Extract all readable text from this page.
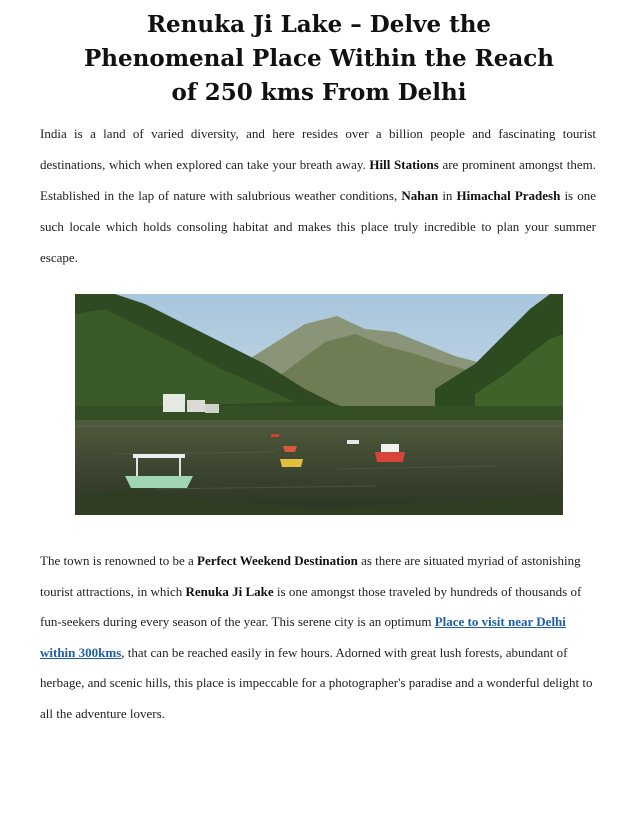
Renuka Ji Lake – Delve the
Phenomenal Place Within the Reach
of 250 kms From Delhi

India is a land of varied diversity, and here resides over a billion people and fascinating tourist destinations, which when explored can take your breath away. Hill Stations are prominent amongst them. Established in the lap of nature with salubrious weather conditions, Nahan in Himachal Pradesh is one such locale which holds consoling habitat and makes this place truly incredible to plan your summer escape.

The town is renowned to be a Perfect Weekend Destination as there are situated myriad of astonishing tourist attractions, in which Renuka Ji Lake is one amongst those traveled by hundreds of thousands of fun-seekers during every season of the year. This serene city is an optimum Place to visit near Delhi within 300kms, that can be reached easily in few hours. Adorned with great lush forests, abundant of herbage, and scenic hills, this place is impeccable for a photographer's paradise and a wonderful delight to all the adventure lovers.
